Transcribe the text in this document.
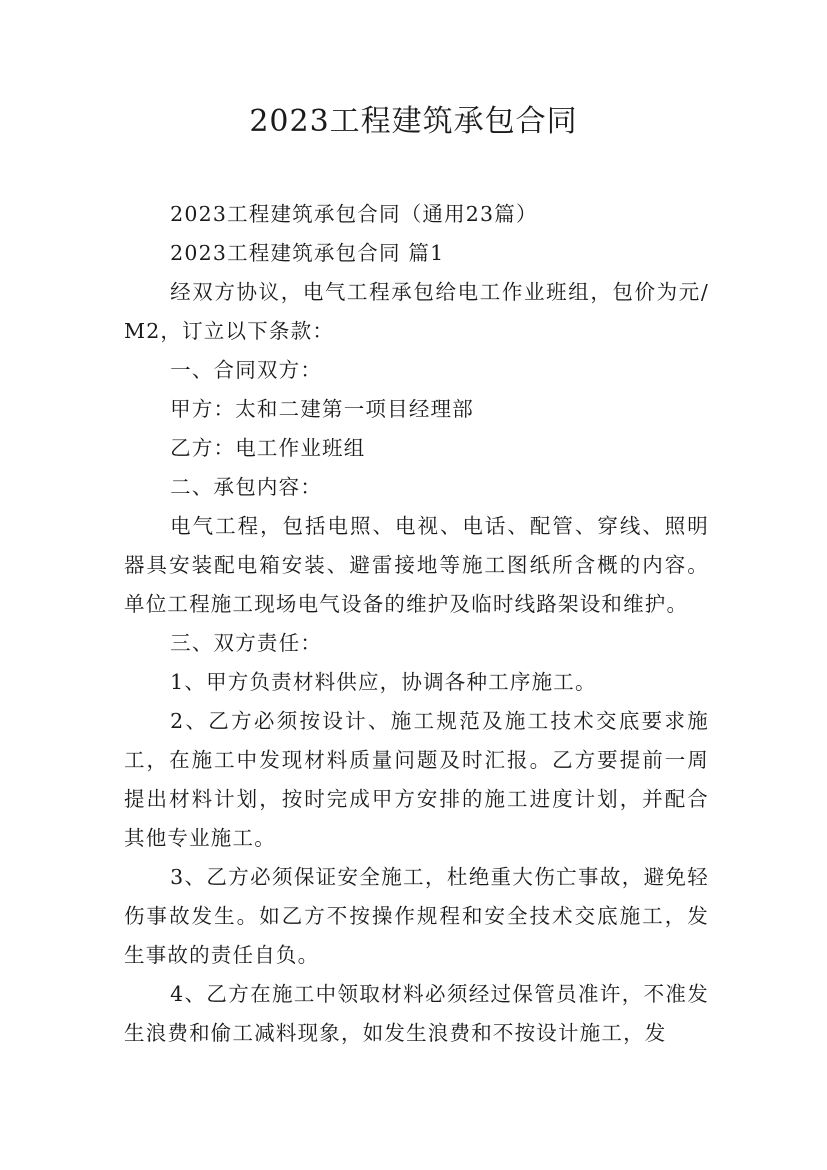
2023工程建筑承包合同

2023工程建筑承包合同（通用23篇）

2023工程建筑承包合同 篇1

经双方协议，电气工程承包给电工作业班组，包价为元/M2，订立以下条款：

一、合同双方：

甲方：太和二建第一项目经理部

乙方：电工作业班组

二、承包内容：

电气工程，包括电照、电视、电话、配管、穿线、照明器具安装配电箱安装、避雷接地等施工图纸所含概的内容。单位工程施工现场电气设备的维护及临时线路架设和维护。

三、双方责任：

1、甲方负责材料供应，协调各种工序施工。

2、乙方必须按设计、施工规范及施工技术交底要求施工，在施工中发现材料质量问题及时汇报。乙方要提前一周提出材料计划，按时完成甲方安排的施工进度计划，并配合其他专业施工。

3、乙方必须保证安全施工，杜绝重大伤亡事故，避免轻伤事故发生。如乙方不按操作规程和安全技术交底施工，发生事故的责任自负。

4、乙方在施工中领取材料必须经过保管员准许，不准发生浪费和偷工减料现象，如发生浪费和不按设计施工，发
